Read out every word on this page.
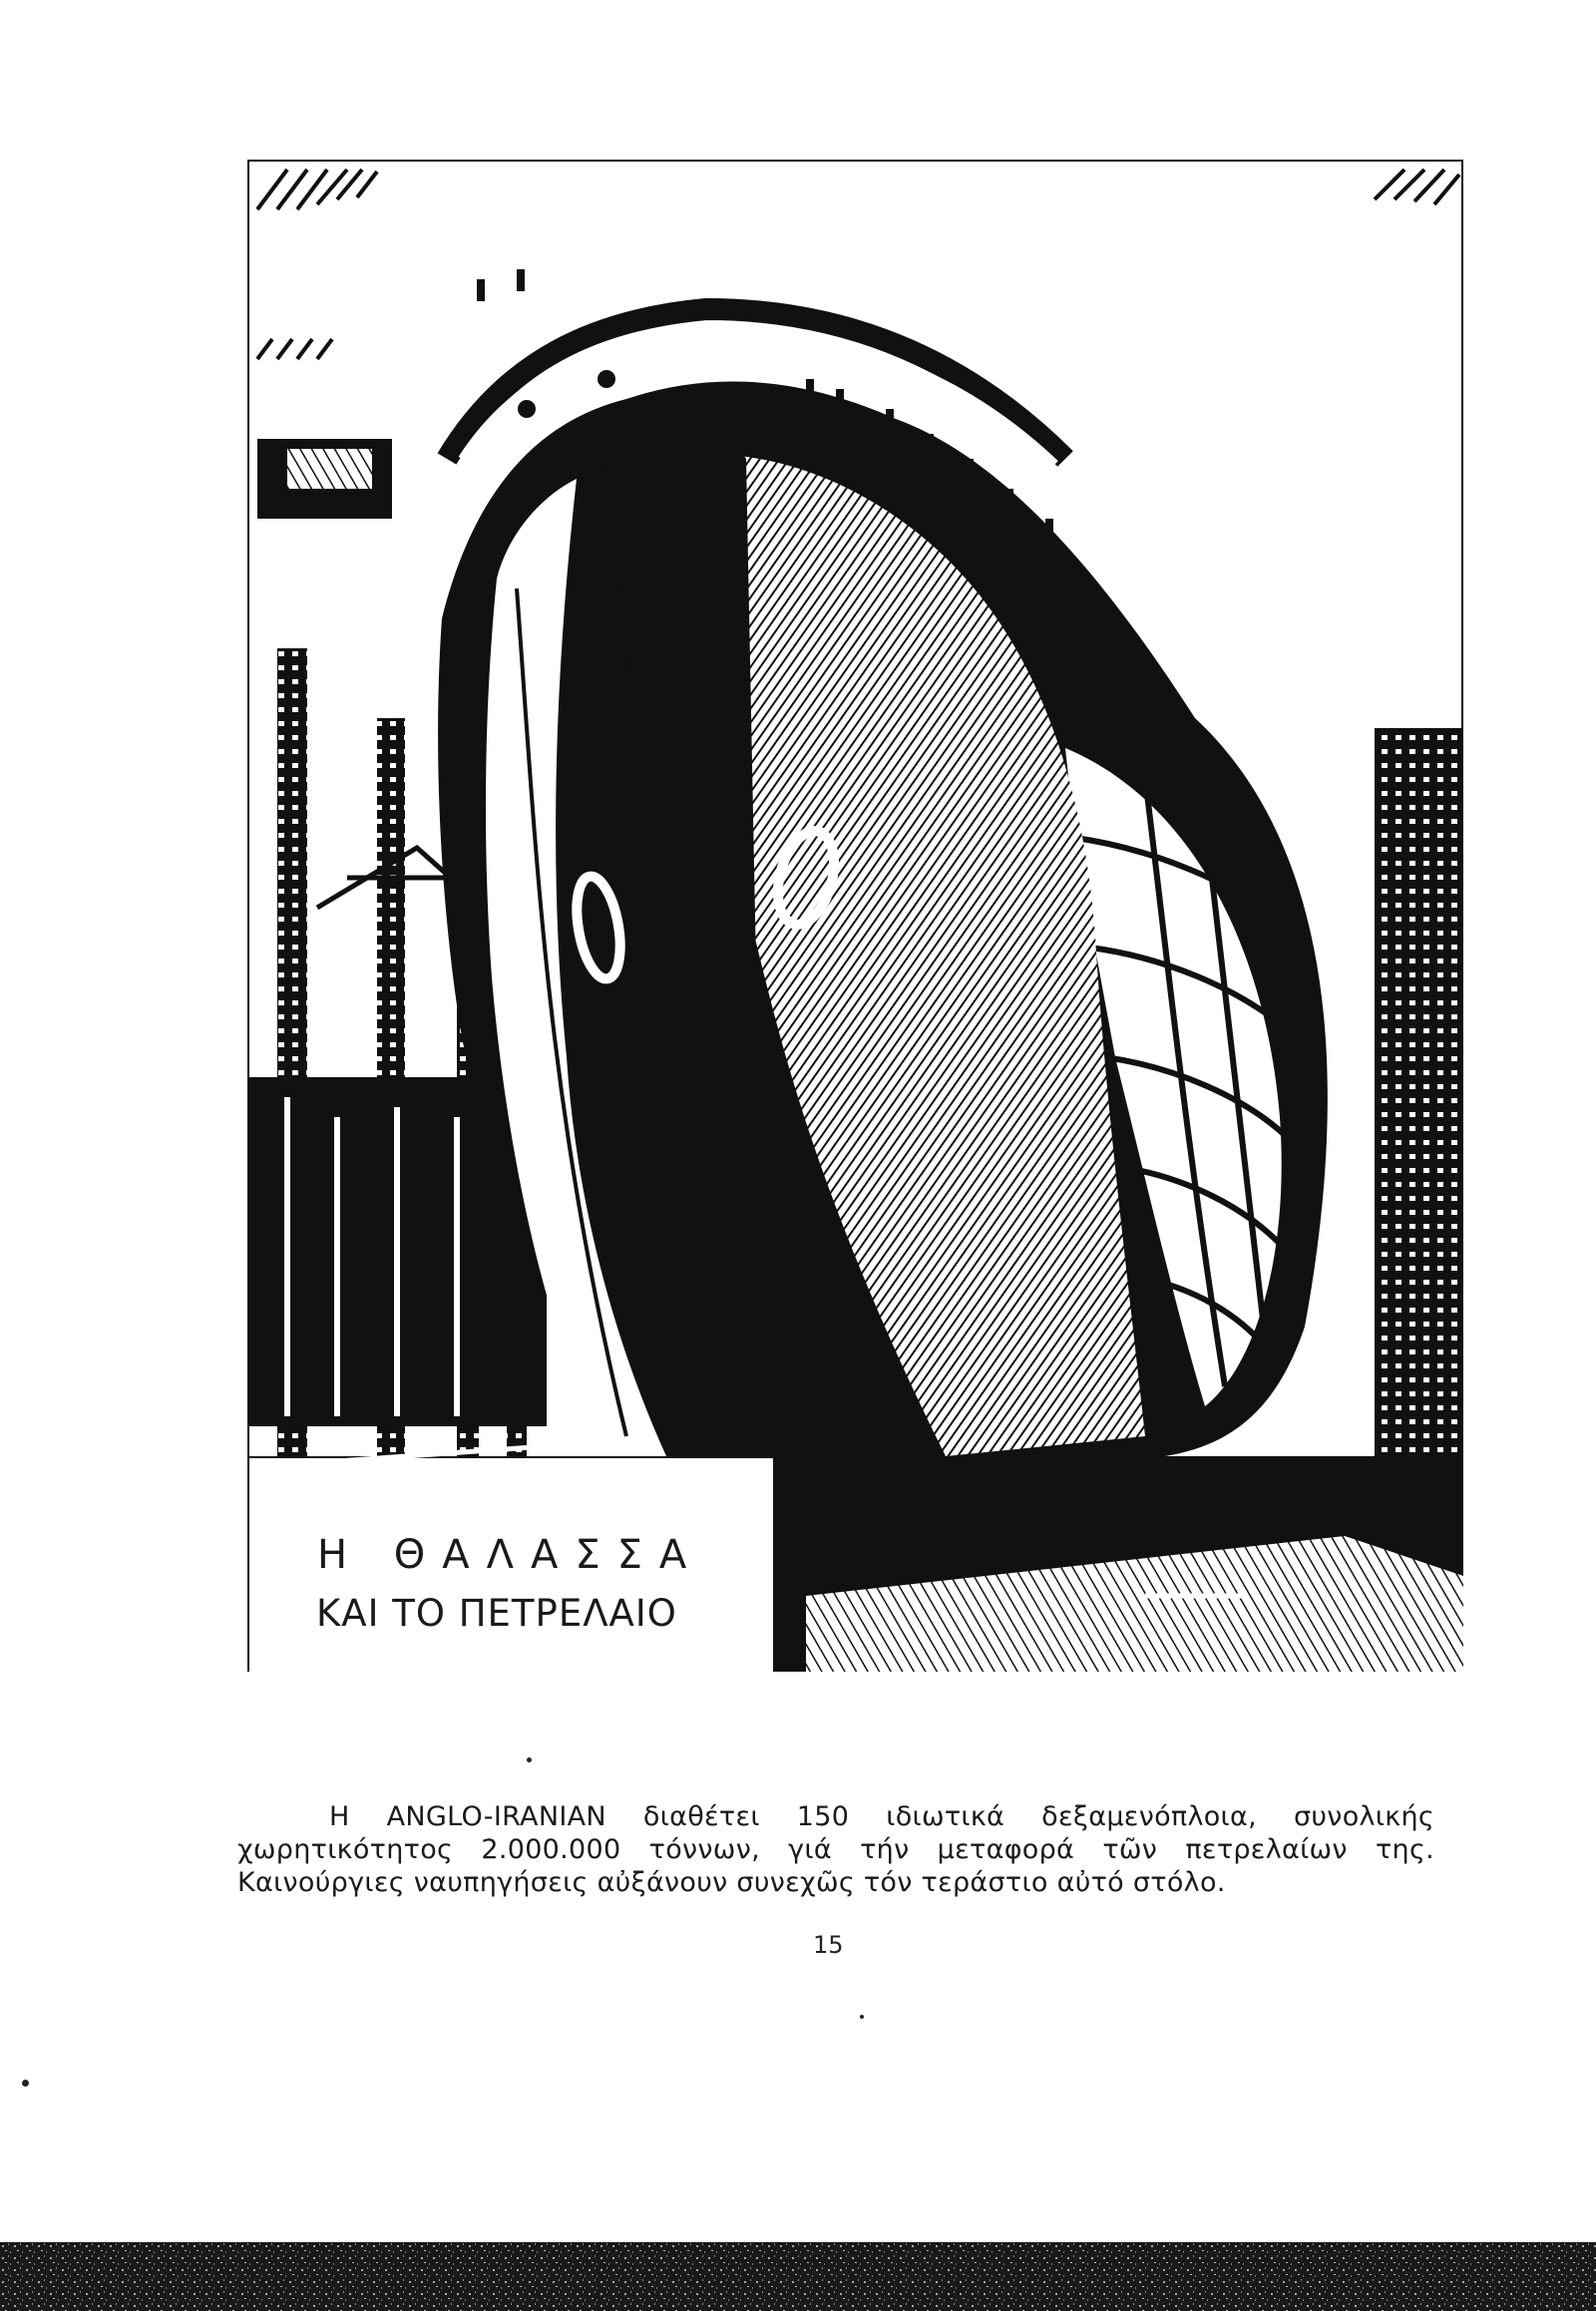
Η ΘΑΛΑΣΣΑ
ΚΑΙ ΤΟ ΠΕΤΡΕΛΑΙΟ

Η ANGLO-IRANIAN διαθέτει 150 ιδιωτικά δεξαμενόπλοια, συνολικής χωρητικότητος 2.000.000 τόννων, γιά τήν μεταφορά τῶν πετρελαίων της. Καινούργιες ναυπηγήσεις αὐξάνουν συνεχῶς τόν τεράστιο αὐτό στόλο.

15
